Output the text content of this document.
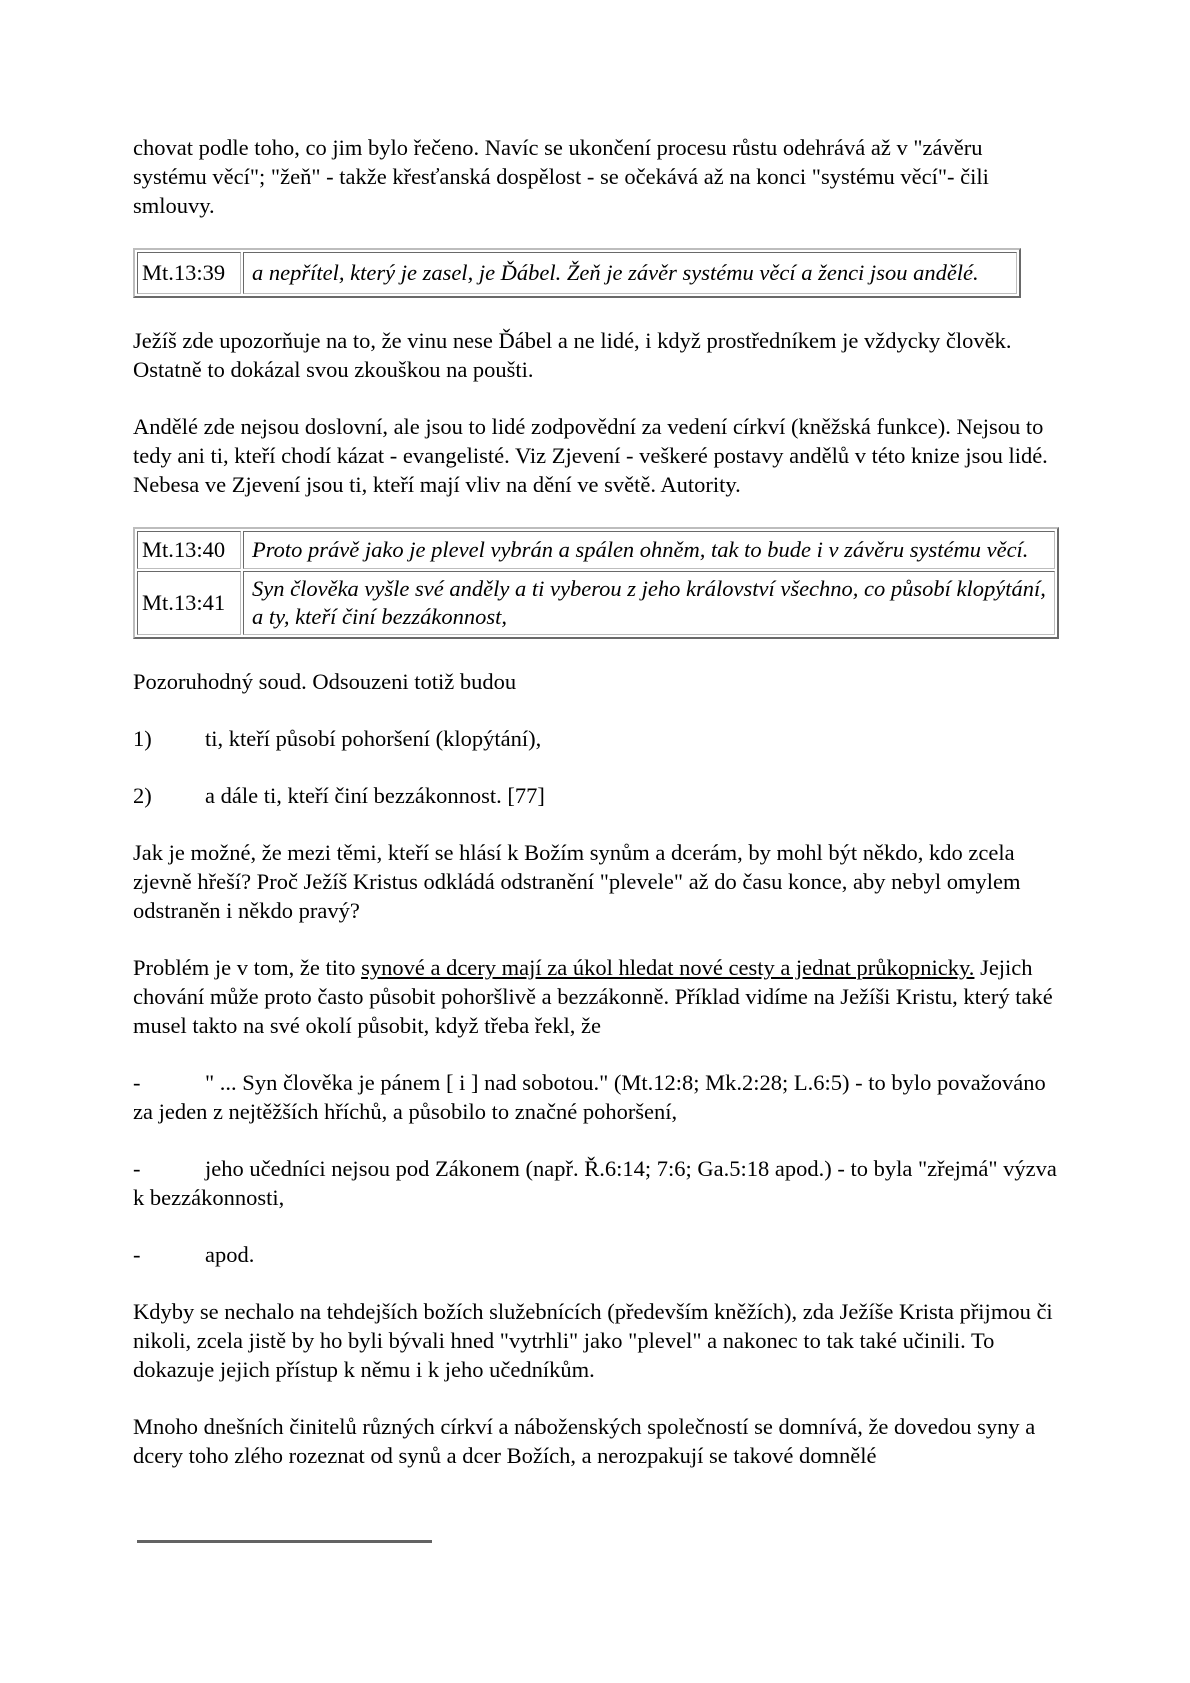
chovat podle toho, co jim bylo řečeno. Navíc se ukončení procesu růstu odehrává až v "závěru systému věcí"; "žeň" - takže křesťanská dospělost - se očekává až na konci "systému věcí"- čili smlouvy.

Mt.13:39	a nepřítel, který je zasel, je Ďábel. Žeň je závěr systému věcí a ženci jsou andělé.

Ježíš zde upozorňuje na to, že vinu nese Ďábel a ne lidé, i když prostředníkem je vždycky člověk. Ostatně to dokázal svou zkouškou na poušti.

Andělé zde nejsou doslovní, ale jsou to lidé zodpovědní za vedení církví (kněžská funkce). Nejsou to tedy ani ti, kteří chodí kázat - evangelisté. Viz Zjevení - veškeré postavy andělů v této knize jsou lidé. Nebesa ve Zjevení jsou ti, kteří mají vliv na dění ve světě. Autority.

Mt.13:40	Proto právě jako je plevel vybrán a spálen ohněm, tak to bude i v závěru systému věcí.
Mt.13:41	Syn člověka vyšle své anděly a ti vyberou z jeho království všechno, co působí klopýtání, a ty, kteří činí bezzákonnost,

Pozoruhodný soud. Odsouzeni totiž budou

1) ti, kteří působí pohoršení (klopýtání),

2) a dále ti, kteří činí bezzákonnost. [77]

Jak je možné, že mezi těmi, kteří se hlásí k Božím synům a dcerám, by mohl být někdo, kdo zcela zjevně hřeší? Proč Ježíš Kristus odkládá odstranění "plevele" až do času konce, aby nebyl omylem odstraněn i někdo pravý?

Problém je v tom, že tito synové a dcery mají za úkol hledat nové cesty a jednat průkopnicky. Jejich chování může proto často působit pohoršlivě a bezzákonně. Příklad vidíme na Ježíši Kristu, který také musel takto na své okolí působit, když třeba řekl, že

-	" ... Syn člověka je pánem [ i ] nad sobotou." (Mt.12:8; Mk.2:28; L.6:5) - to bylo považováno za jeden z nejtěžších hříchů, a působilo to značné pohoršení,

-	jeho učedníci nejsou pod Zákonem (např. Ř.6:14; 7:6; Ga.5:18 apod.) - to byla "zřejmá" výzva k bezzákonnosti,

-	apod.

Kdyby se nechalo na tehdejších božích služebnících (především kněžích), zda Ježíše Krista přijmou či nikoli, zcela jistě by ho byli bývali hned "vytrhli" jako "plevel" a nakonec to tak také učinili. To dokazuje jejich přístup k němu i k jeho učedníkům.

Mnoho dnešních činitelů různých církví a náboženských společností se domnívá, že dovedou syny a dcery toho zlého rozeznat od synů a dcer Božích, a nerozpakují se takové domnělé
